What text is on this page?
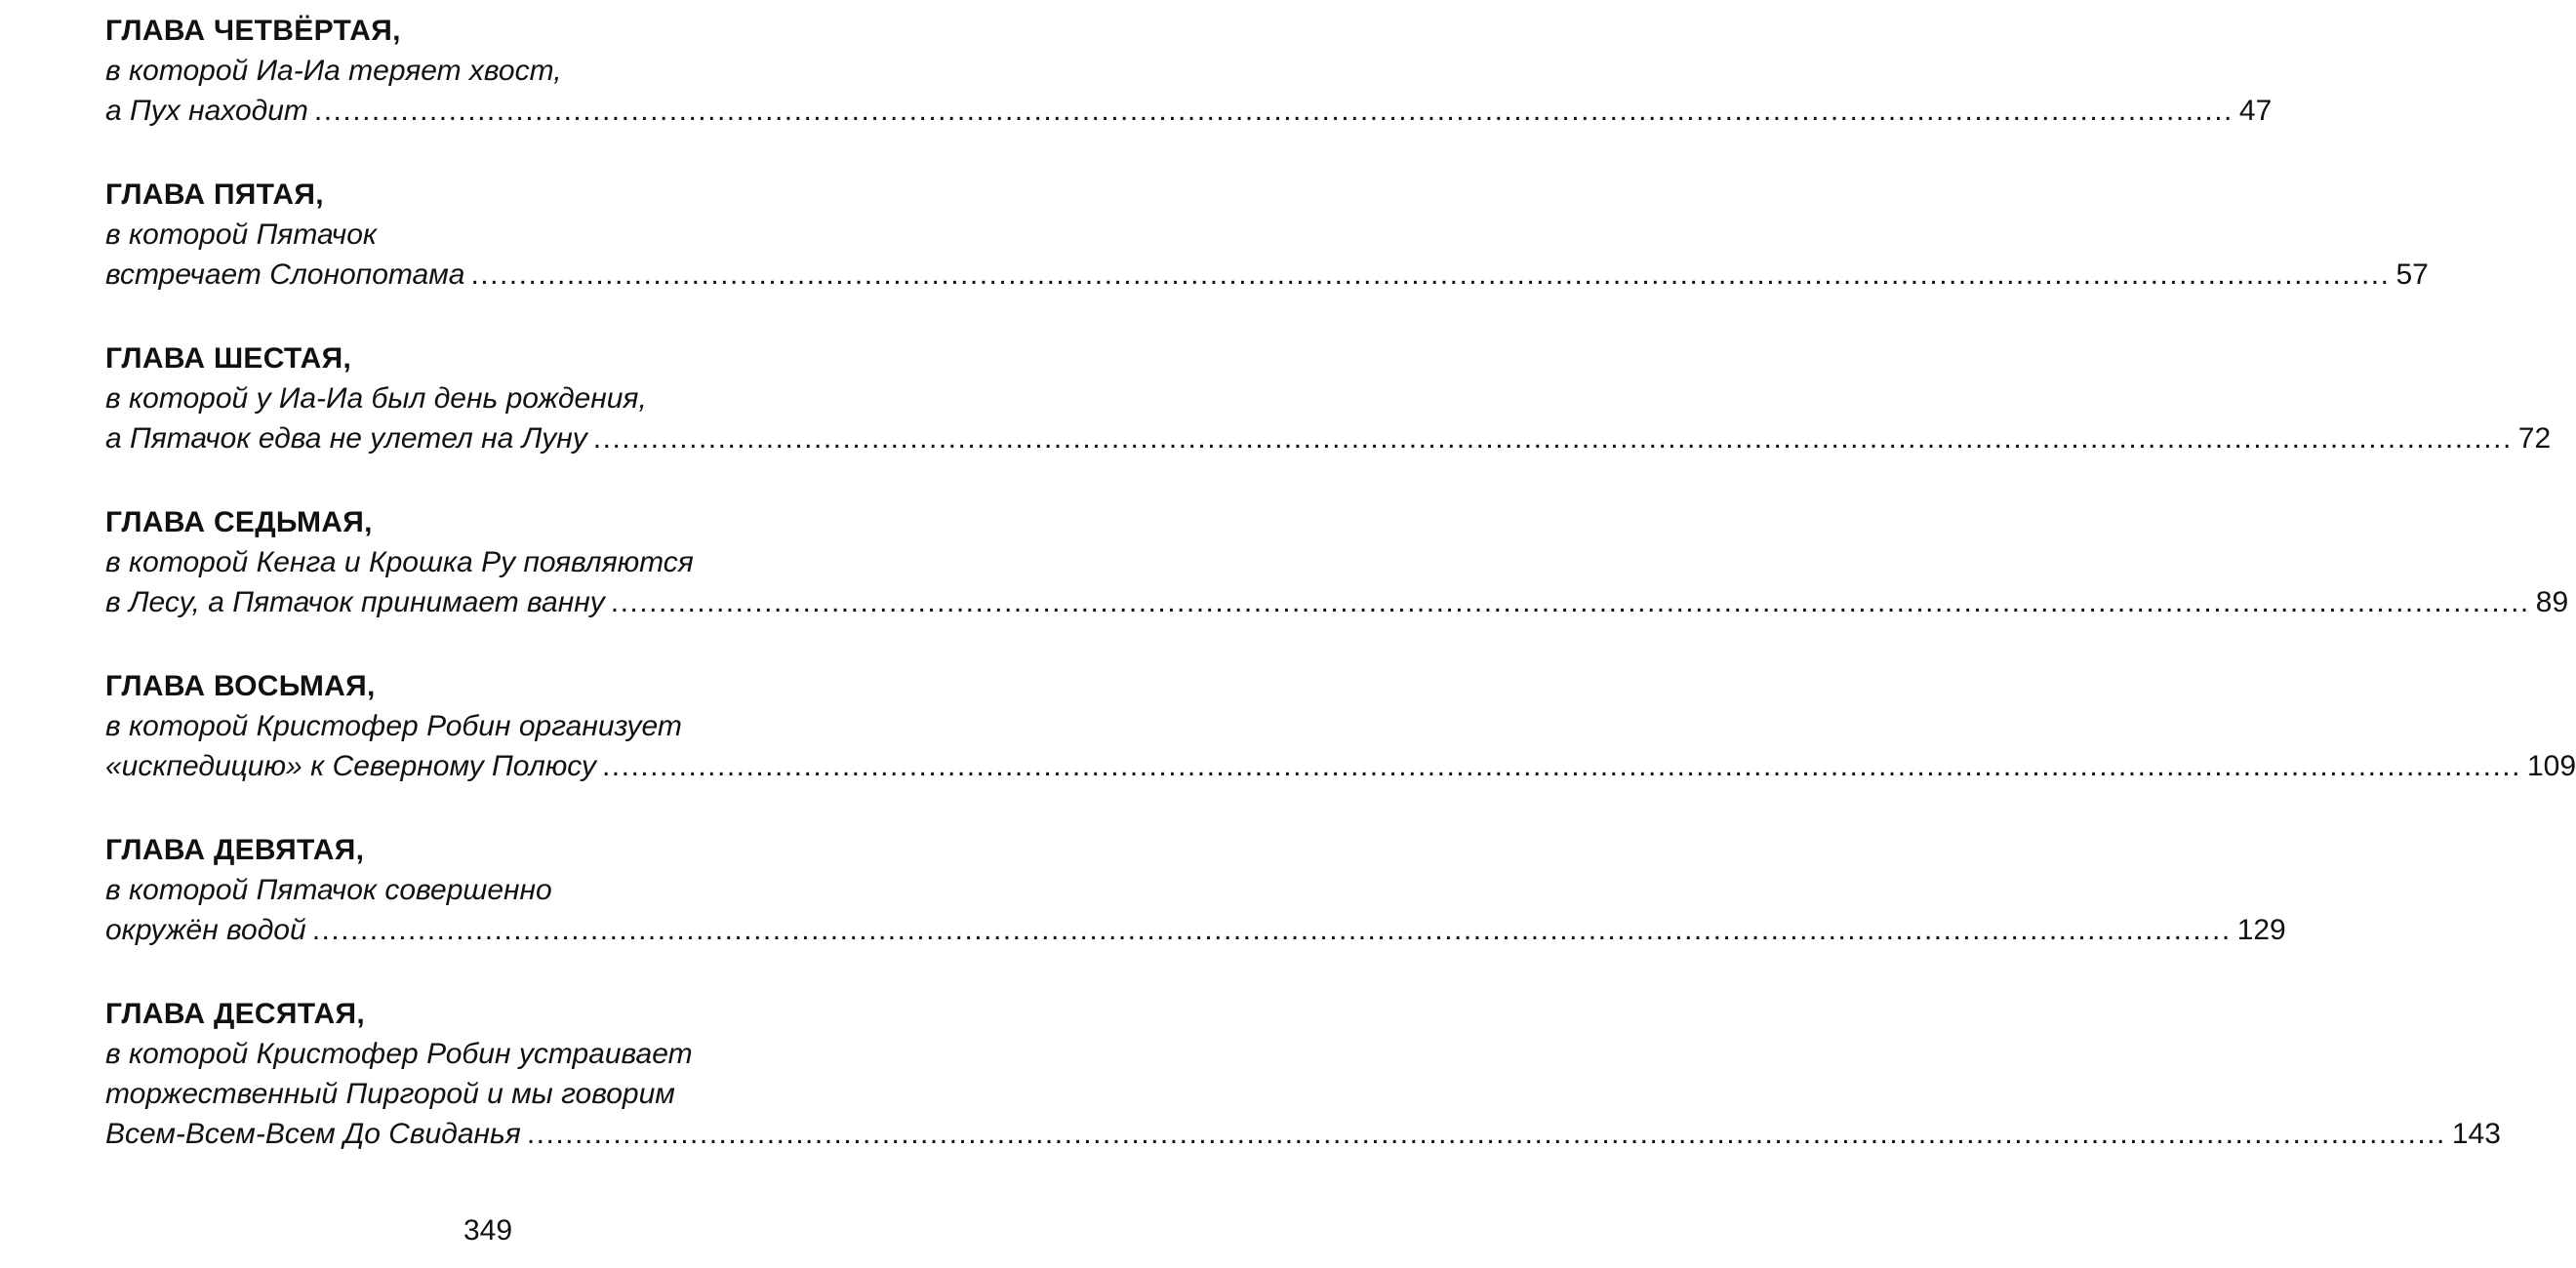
ГЛАВА ЧЕТВЁРТАЯ,
в которой Иа-Иа теряет хвост,
а Пух находит ........................................................................................................................................................................................................ 47
ГЛАВА ПЯТАЯ,
в которой Пятачок
встречает Слонопотама ........................................................................................................................................................................................................ 57
ГЛАВА ШЕСТАЯ,
в которой у Иа-Иа был день рождения,
а Пятачок едва не улетел на Луну ........................................................................................................................................................................................................ 72
ГЛАВА СЕДЬМАЯ,
в которой Кенга и Крошка Ру появляются
в Лесу, а Пятачок принимает ванну ........................................................................................................................................................................................................ 89
ГЛАВА ВОСЬМАЯ,
в которой Кристофер Робин организует
«искпедицию» к Северному Полюсу ........................................................................................................................................................................................................ 109
ГЛАВА ДЕВЯТАЯ,
в которой Пятачок совершенно
окружён водой ........................................................................................................................................................................................................ 129
ГЛАВА ДЕСЯТАЯ,
в которой Кристофер Робин устраивает
торжественный Пиргорой и мы говорим
Всем-Всем-Всем До Свиданья ........................................................................................................................................................................................................ 143
349
